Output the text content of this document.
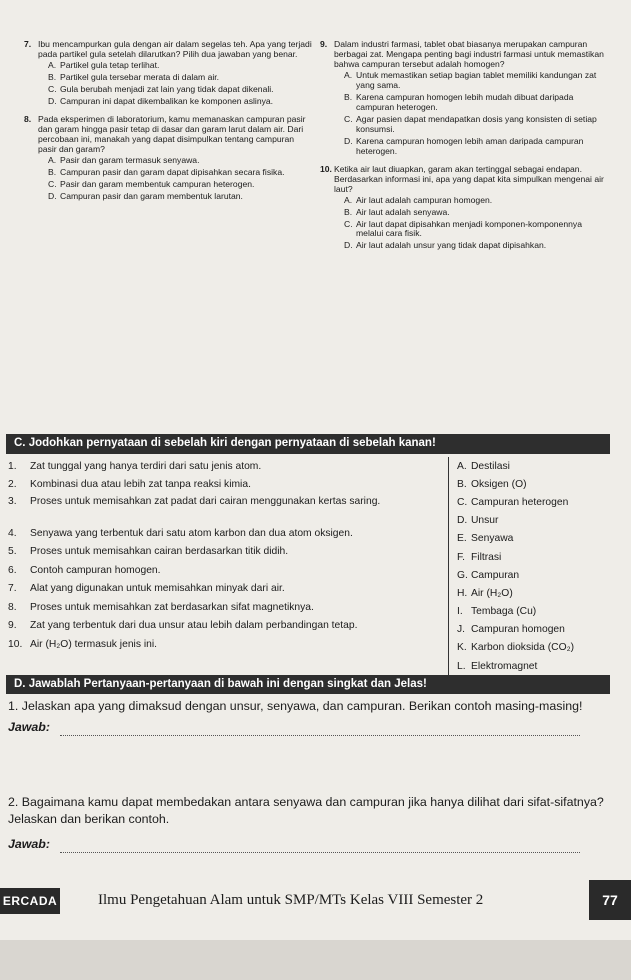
7. Ibu mencampurkan gula dengan air dalam segelas teh. Apa yang terjadi pada partikel gula setelah dilarutkan? Pilih dua jawaban yang benar.
A. Partikel gula tetap terlihat.
B. Partikel gula tersebar merata di dalam air.
C. Gula berubah menjadi zat lain yang tidak dapat dikenali.
D. Campuran ini dapat dikembalikan ke komponen aslinya.
8. Pada eksperimen di laboratorium, kamu memanaskan campuran pasir dan garam hingga pasir tetap di dasar dan garam larut dalam air. Dari percobaan ini, manakah yang dapat disimpulkan tentang campuran pasir dan garam?
A. Pasir dan garam termasuk senyawa.
B. Campuran pasir dan garam dapat dipisahkan secara fisika.
C. Pasir dan garam membentuk campuran heterogen.
D. Campuran pasir dan garam membentuk larutan.
9. Dalam industri farmasi, tablet obat biasanya merupakan campuran berbagai zat. Mengapa penting bagi industri farmasi untuk memastikan bahwa campuran tersebut adalah homogen?
A. Untuk memastikan setiap bagian tablet memiliki kandungan zat yang sama.
B. Karena campuran homogen lebih mudah dibuat daripada campuran heterogen.
C. Agar pasien dapat mendapatkan dosis yang konsisten di setiap konsumsi.
D. Karena campuran homogen lebih aman daripada campuran heterogen.
10. Ketika air laut diuapkan, garam akan tertinggal sebagai endapan. Berdasarkan informasi ini, apa yang dapat kita simpulkan mengenai air laut?
A. Air laut adalah campuran homogen.
B. Air laut adalah senyawa.
C. Air laut dapat dipisahkan menjadi komponen-komponennya melalui cara fisik.
D. Air laut adalah unsur yang tidak dapat dipisahkan.
C. Jodohkan pernyataan di sebelah kiri dengan pernyataan di sebelah kanan!
1.	Zat tunggal yang hanya terdiri dari satu jenis atom.
2.	Kombinasi dua atau lebih zat tanpa reaksi kimia.
3.	Proses untuk memisahkan zat padat dari cairan menggunakan kertas saring.
4.	Senyawa yang terbentuk dari satu atom karbon dan dua atom oksigen.
5.	Proses untuk memisahkan cairan berdasarkan titik didih.
6.	Contoh campuran homogen.
7.	Alat yang digunakan untuk memisahkan minyak dari air.
8.	Proses untuk memisahkan zat berdasarkan sifat magnetiknya.
9.	Zat yang terbentuk dari dua unsur atau lebih dalam perbandingan tetap.
10. Air (H₂O) termasuk jenis ini.

A. Destilasi
B. Oksigen (O)
C. Campuran heterogen
D. Unsur
E. Senyawa
F. Filtrasi
G. Campuran
H. Air (H₂O)
I. Tembaga (Cu)
J. Campuran homogen
K. Karbon dioksida (CO₂)
L. Elektromagnet
D. Jawablah Pertanyaan-pertanyaan di bawah ini dengan singkat dan Jelas!
1. Jelaskan apa yang dimaksud dengan unsur, senyawa, dan campuran. Berikan contoh masing-masing!
Jawab:
2. Bagaimana kamu dapat membedakan antara senyawa dan campuran jika hanya dilihat dari sifat-sifatnya? Jelaskan dan berikan contoh.
Jawab:
ERCADA	Ilmu Pengetahuan Alam untuk SMP/MTs Kelas VIII Semester 2	77
